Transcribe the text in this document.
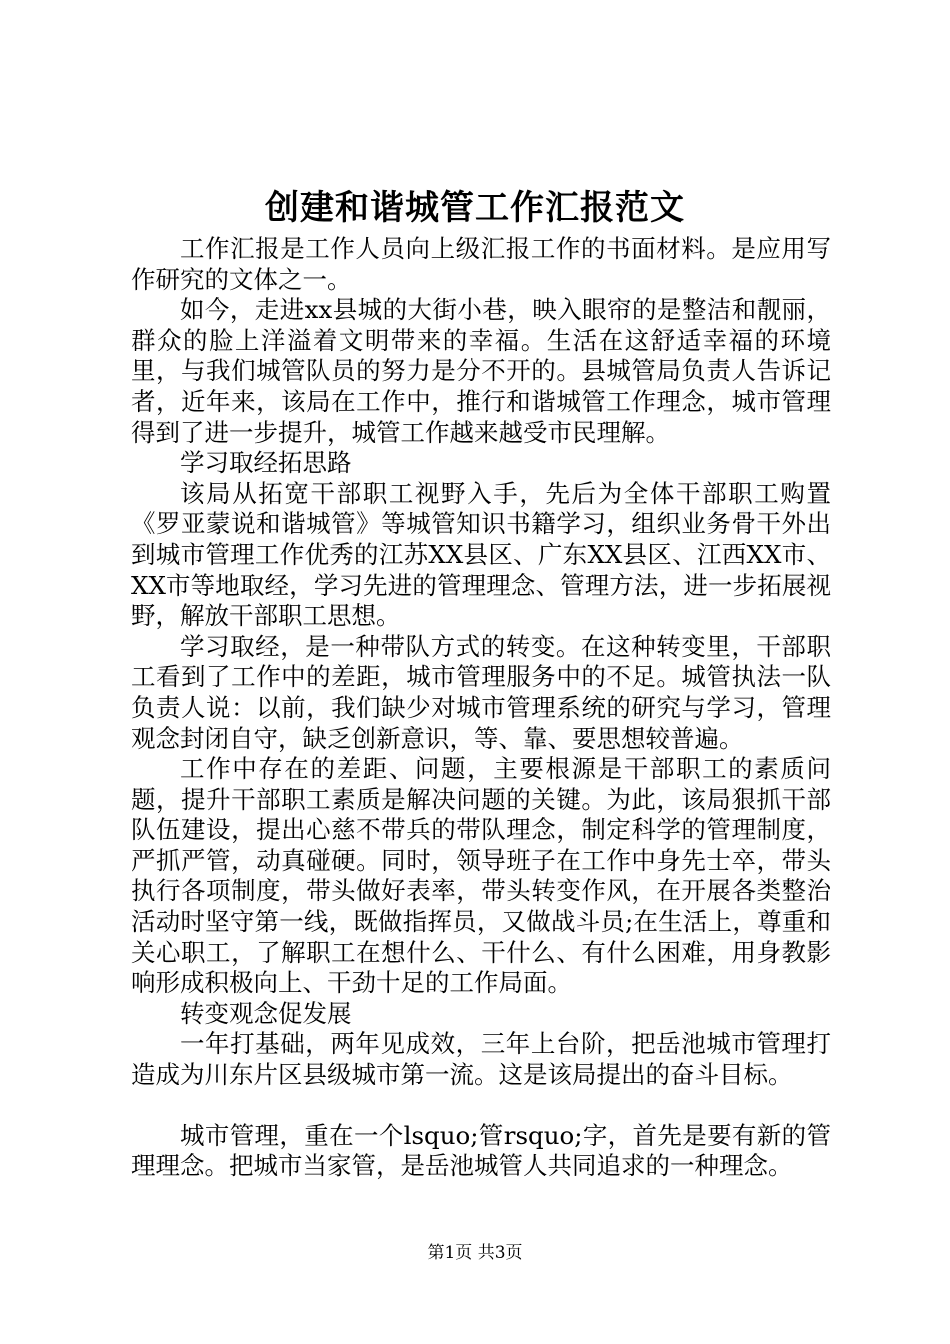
创建和谐城管工作汇报范文

工作汇报是工作人员向上级汇报工作的书面材料。是应用写作研究的文体之一。

如今，走进xx县城的大街小巷，映入眼帘的是整洁和靓丽，群众的脸上洋溢着文明带来的幸福。生活在这舒适幸福的环境里，与我们城管队员的努力是分不开的。县城管局负责人告诉记者，近年来，该局在工作中，推行和谐城管工作理念，城市管理得到了进一步提升，城管工作越来越受市民理解。

学习取经拓思路

该局从拓宽干部职工视野入手，先后为全体干部职工购置《罗亚蒙说和谐城管》等城管知识书籍学习，组织业务骨干外出到城市管理工作优秀的江苏XX县区、广东XX县区、江西XX市、XX市等地取经，学习先进的管理理念、管理方法，进一步拓展视野，解放干部职工思想。

学习取经，是一种带队方式的转变。在这种转变里，干部职工看到了工作中的差距，城市管理服务中的不足。城管执法一队负责人说：以前，我们缺少对城市管理系统的研究与学习，管理观念封闭自守，缺乏创新意识，等、靠、要思想较普遍。

工作中存在的差距、问题，主要根源是干部职工的素质问题，提升干部职工素质是解决问题的关键。为此，该局狠抓干部队伍建设，提出心慈不带兵的带队理念，制定科学的管理制度，严抓严管，动真碰硬。同时，领导班子在工作中身先士卒，带头执行各项制度，带头做好表率，带头转变作风，在开展各类整治活动时坚守第一线，既做指挥员，又做战斗员;在生活上，尊重和关心职工，了解职工在想什么、干什么、有什么困难，用身教影响形成积极向上、干劲十足的工作局面。

转变观念促发展

一年打基础，两年见成效，三年上台阶，把岳池城市管理打造成为川东片区县级城市第一流。这是该局提出的奋斗目标。

城市管理，重在一个lsquo;管rsquo;字，首先是要有新的管理理念。把城市当家管，是岳池城管人共同追求的一种理念。

第1页 共3页
